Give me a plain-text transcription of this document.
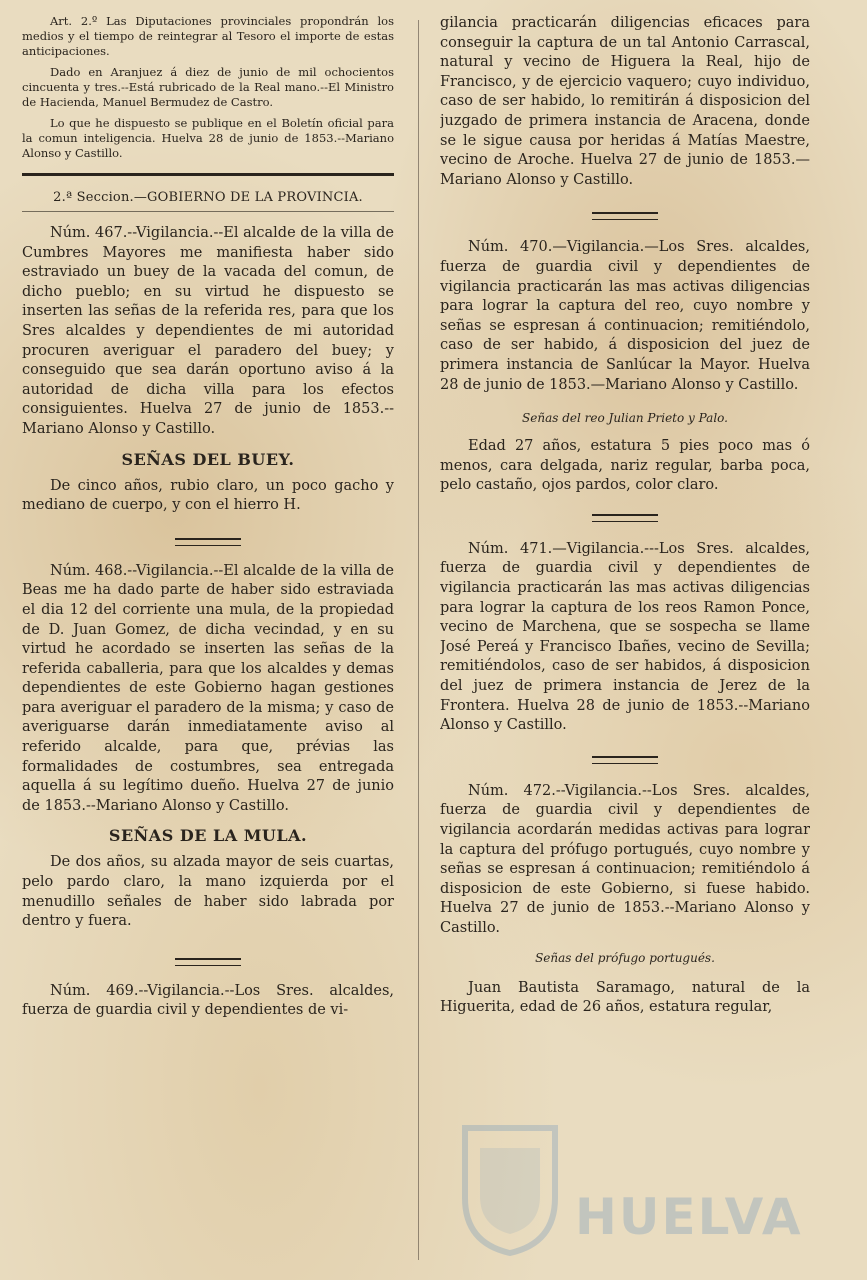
Art. 2.º Las Diputaciones provinciales propondrán los medios y el tiempo de reintegrar al Tesoro el importe de estas anticipaciones.

Dado en Aranjuez á diez de junio de mil ochocientos cincuenta y tres.--Está rubricado de la Real mano.--El Ministro de Hacienda, Manuel Bermudez de Castro.

Lo que he dispuesto se publique en el Boletín oficial para la comun inteligencia. Huelva 28 de junio de 1853.--Mariano Alonso y Castillo.

2.ª Seccion.—GOBIERNO DE LA PROVINCIA.

Núm. 467.--Vigilancia.--El alcalde de la villa de Cumbres Mayores me manifiesta haber sido estraviado un buey de la vacada del comun, de dicho pueblo; en su virtud he dispuesto se inserten las señas de la referida res, para que los Sres alcaldes y dependientes de mi autoridad procuren averiguar el paradero del buey; y conseguido que sea darán oportuno aviso á la autoridad de dicha villa para los efectos consiguientes. Huelva 27 de junio de 1853.--Mariano Alonso y Castillo.

SEÑAS DEL BUEY.

De cinco años, rubio claro, un poco gacho y mediano de cuerpo, y con el hierro H.

Núm. 468.--Vigilancia.--El alcalde de la villa de Beas me ha dado parte de haber sido estraviada el dia 12 del corriente una mula, de la propiedad de D. Juan Gomez, de dicha vecindad, y en su virtud he acordado se inserten las señas de la referida caballeria, para que los alcaldes y demas dependientes de este Gobierno hagan gestiones para averiguar el paradero de la misma; y caso de averiguarse darán inmediatamente aviso al referido alcalde, para que, prévias las formalidades de costumbres, sea entregada aquella á su legítimo dueño. Huelva 27 de junio de 1853.--Mariano Alonso y Castillo.

SEÑAS DE LA MULA.

De dos años, su alzada mayor de seis cuartas, pelo pardo claro, la mano izquierda por el menudillo señales de haber sido labrada por dentro y fuera.

Núm. 469.--Vigilancia.--Los Sres. alcaldes, fuerza de guardia civil y dependientes de vi-

gilancia practicarán diligencias eficaces para conseguir la captura de un tal Antonio Carrascal, natural y vecino de Higuera la Real, hijo de Francisco, y de ejercicio vaquero; cuyo individuo, caso de ser habido, lo remitirán á disposicion del juzgado de primera instancia de Aracena, donde se le sigue causa por heridas á Matías Maestre, vecino de Aroche. Huelva 27 de junio de 1853.—Mariano Alonso y Castillo.

Núm. 470.—Vigilancia.—Los Sres. alcaldes, fuerza de guardia civil y dependientes de vigilancia practicarán las mas activas diligencias para lograr la captura del reo, cuyo nombre y señas se espresan á continuacion; remitiéndolo, caso de ser habido, á disposicion del juez de primera instancia de Sanlúcar la Mayor. Huelva 28 de junio de 1853.—Mariano Alonso y Castillo.

Señas del reo Julian Prieto y Palo.

Edad 27 años, estatura 5 pies poco mas ó menos, cara delgada, nariz regular, barba poca, pelo castaño, ojos pardos, color claro.

Núm. 471.—Vigilancia.---Los Sres. alcaldes, fuerza de guardia civil y dependientes de vigilancia practicarán las mas activas diligencias para lograr la captura de los reos Ramon Ponce, vecino de Marchena, que se sospecha se llame José Pereá y Francisco Ibañes, vecino de Sevilla; remitiéndolos, caso de ser habidos, á disposicion del juez de primera instancia de Jerez de la Frontera. Huelva 28 de junio de 1853.--Mariano Alonso y Castillo.

Núm. 472.--Vigilancia.--Los Sres. alcaldes, fuerza de guardia civil y dependientes de vigilancia acordarán medidas activas para lograr la captura del prófugo portugués, cuyo nombre y señas se espresan á continuacion; remitiéndolo á disposicion de este Gobierno, si fuese habido. Huelva 27 de junio de 1853.--Mariano Alonso y Castillo.

Señas del prófugo portugués.

Juan Bautista Saramago, natural de la Higuerita, edad de 26 años, estatura regular,

HUELVA
